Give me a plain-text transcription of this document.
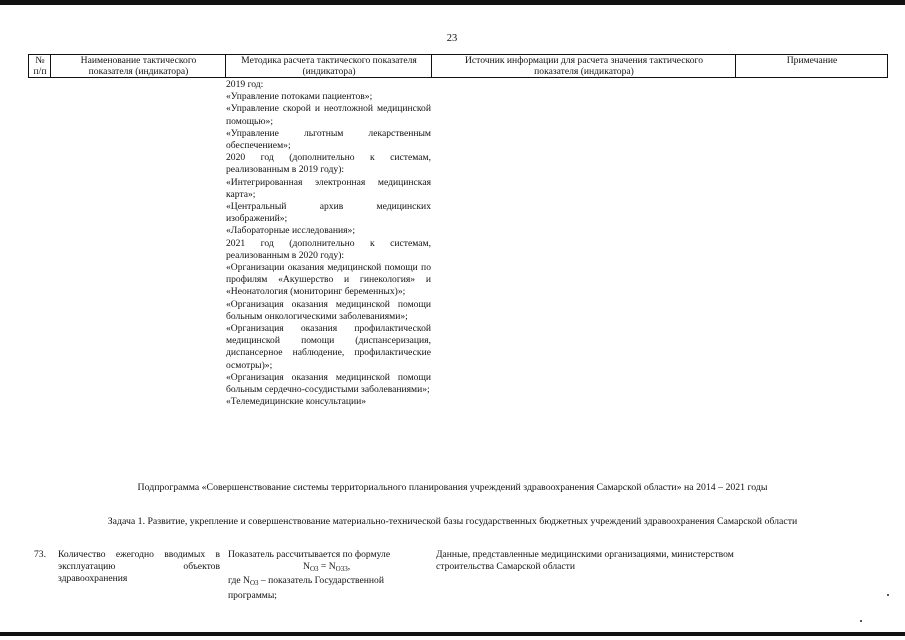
23
№ п/п
Наименование тактического показателя (индикатора)
Методика расчета тактического показателя (индикатора)
Источник информации для расчета значения тактического показателя (индикатора)
Примечание

2019 год:

«Управление потоками пациентов»;

«Управление скорой и неотложной медицинской помощью»;

«Управление льготным лекарственным обеспечением»;

2020 год (дополнительно к системам, реализованным в 2019 году):

«Интегрированная электронная медицинская карта»;

«Центральный архив медицинских изображений»;

«Лабораторные исследования»;

2021 год (дополнительно к системам, реализованным в 2020 году):

«Организации оказания медицинской помощи по профилям «Акушерство и гинекология» и «Неонатология (мониторинг беременных)»;

«Организация оказания медицинской помощи больным онкологическими заболеваниями»;

«Организация оказания профилактической медицинской помощи (диспансеризация, диспансерное наблюдение, профилактические осмотры)»;

«Организация оказания медицинской помощи больным сердечно-сосудистыми заболеваниями»;

«Телемедицинские консультации»

Подпрограмма «Совершенствование системы территориального планирования учреждений здравоохранения Самарской области» на 2014 – 2021 годы
Задача 1. Развитие, укрепление и совершенствование материально-технической базы государственных бюджетных учреждений здравоохранения Самарской области
73. Количество ежегодно вводимых в эксплуатацию объектов здравоохранения
Показатель рассчитывается по формуле
$N_{O3} = N_{O33}$,
где $N_{O3}$ – показатель Государственной программы;
Данные, представленные медицинскими организациями, министерством строительства Самарской области
